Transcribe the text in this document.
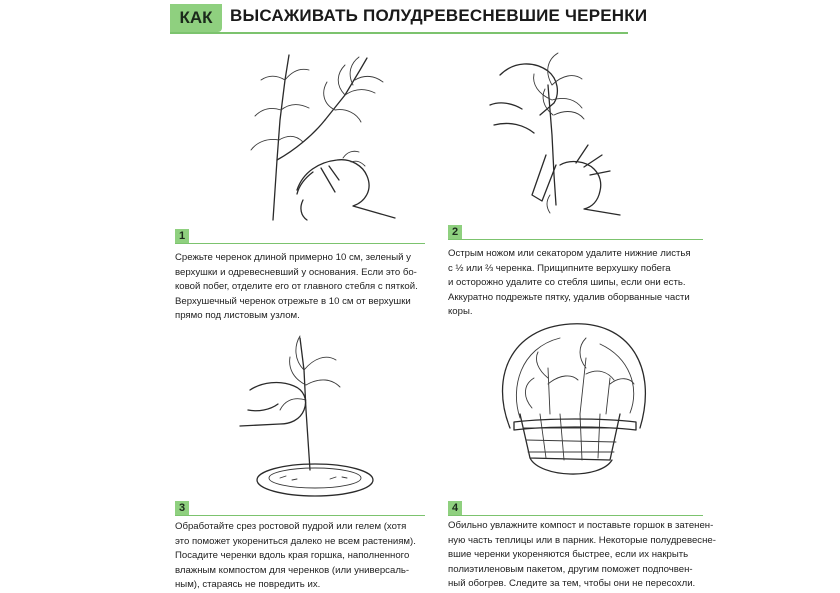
КАК	ВЫСАЖИВАТЬ ПОЛУДРЕВЕСНЕВШИЕ ЧЕРЕНКИ
1
Срежьте черенок длиной примерно 10 см, зеленый у
верхушки и одревесневший у основания. Если это бо-
ковой побег, отделите его от главного стебля с пяткой.
Верхушечный черенок отрежьте в 10 см от верхушки
прямо под листовым узлом.
2
Острым ножом или секатором удалите нижние листья
с ½ или ⅔ черенка. Прищипните верхушку побега
и осторожно удалите со стебля шипы, если они есть.
Аккуратно подрежьте пятку, удалив оборванные части
коры.
3
Обработайте срез ростовой пудрой или гелем (хотя
это поможет укорениться далеко не всем растениям).
Посадите черенки вдоль края горшка, наполненного
влажным компостом для черенков (или универсаль-
ным), стараясь не повредить их.
4
Обильно увлажните компост и поставьте горшок в затенен-
ную часть теплицы или в парник. Некоторые полудревесне-
вшие черенки укореняются быстрее, если их накрыть
полиэтиленовым пакетом, другим поможет подпочвен-
ный обогрев. Следите за тем, чтобы они не пересохли.
